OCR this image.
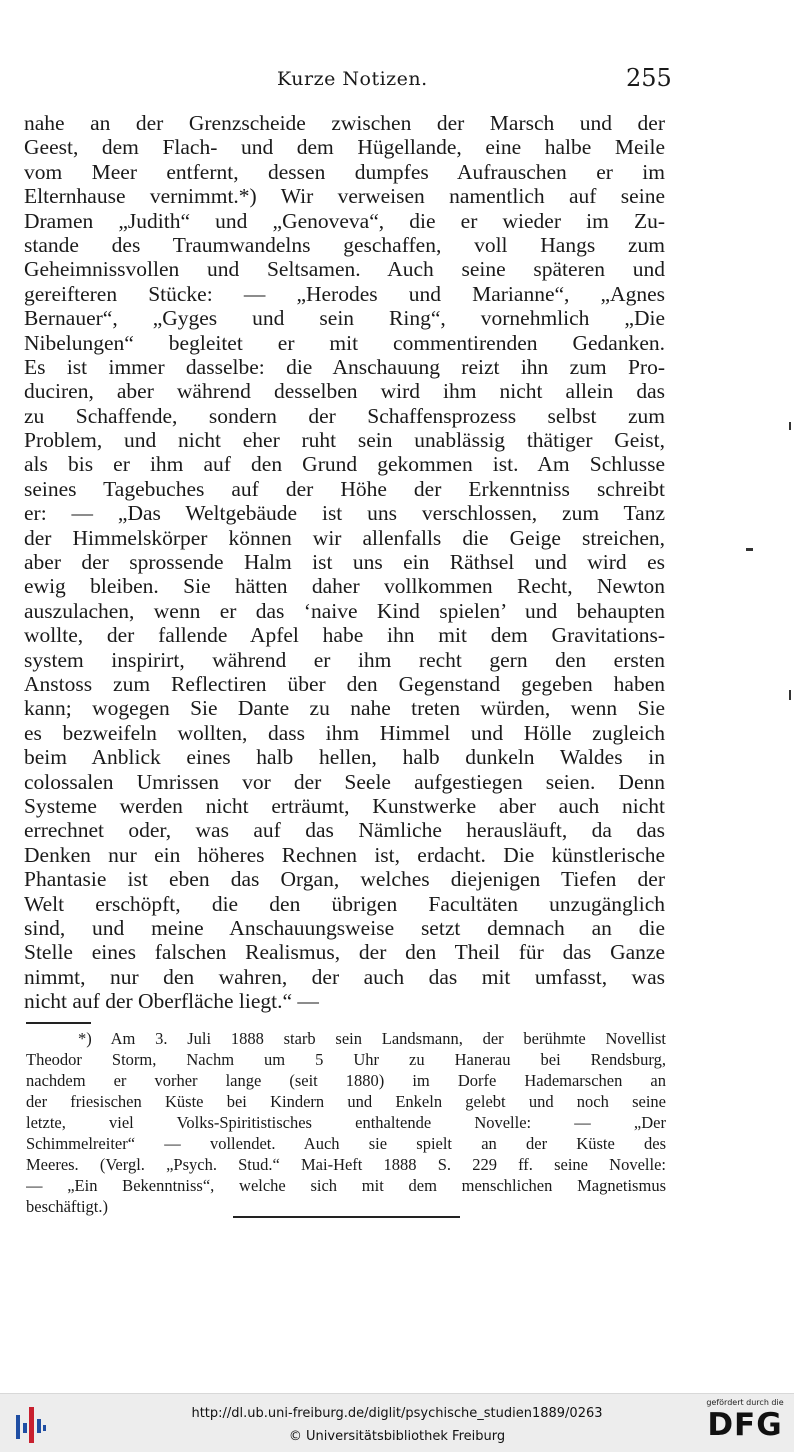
Kurze Notizen.	255
nahe an der Grenzscheide zwischen der Marsch und der
Geest, dem Flach- und dem Hügellande, eine halbe Meile
vom Meer entfernt, dessen dumpfes Aufrauschen er im
Elternhause vernimmt.*) Wir verweisen namentlich auf seine
Dramen „Judith“ und „Genoveva“, die er wieder im Zu-
stande des Traumwandelns geschaffen, voll Hangs zum
Geheimnissvollen und Seltsamen. Auch seine späteren und
gereifteren Stücke: — „Herodes und Marianne“, „Agnes
Bernauer“, „Gyges und sein Ring“, vornehmlich „Die
Nibelungen“ begleitet er mit commentirenden Gedanken.
Es ist immer dasselbe: die Anschauung reizt ihn zum Pro-
duciren, aber während desselben wird ihm nicht allein das
zu Schaffende, sondern der Schaffensprozess selbst zum
Problem, und nicht eher ruht sein unablässig thätiger Geist,
als bis er ihm auf den Grund gekommen ist. Am Schlusse
seines Tagebuches auf der Höhe der Erkenntniss schreibt
er: — „Das Weltgebäude ist uns verschlossen, zum Tanz
der Himmelskörper können wir allenfalls die Geige streichen,
aber der sprossende Halm ist uns ein Räthsel und wird es
ewig bleiben. Sie hätten daher vollkommen Recht, Newton
auszulachen, wenn er das ‘naive Kind spielen’ und behaupten
wollte, der fallende Apfel habe ihn mit dem Gravitations-
system inspirirt, während er ihm recht gern den ersten
Anstoss zum Reflectiren über den Gegenstand gegeben haben
kann; wogegen Sie Dante zu nahe treten würden, wenn Sie
es bezweifeln wollten, dass ihm Himmel und Hölle zugleich
beim Anblick eines halb hellen, halb dunkeln Waldes in
colossalen Umrissen vor der Seele aufgestiegen seien. Denn
Systeme werden nicht erträumt, Kunstwerke aber auch nicht
errechnet oder, was auf das Nämliche herausläuft, da das
Denken nur ein höheres Rechnen ist, erdacht. Die künstlerische
Phantasie ist eben das Organ, welches diejenigen Tiefen der
Welt erschöpft, die den übrigen Facultäten unzugänglich
sind, und meine Anschauungsweise setzt demnach an die
Stelle eines falschen Realismus, der den Theil für das Ganze
nimmt, nur den wahren, der auch das mit umfasst, was
nicht auf der Oberfläche liegt.“ —
*) Am 3. Juli 1888 starb sein Landsmann, der berühmte Novellist
Theodor Storm, Nachm um 5 Uhr zu Hanerau bei Rendsburg,
nachdem er vorher lange (seit 1880) im Dorfe Hademarschen an
der friesischen Küste bei Kindern und Enkeln gelebt und noch seine
letzte, viel Volks-Spiritistisches enthaltende Novelle: — „Der
Schimmelreiter“ — vollendet. Auch sie spielt an der Küste des
Meeres. (Vergl. „Psych. Stud.“ Mai-Heft 1888 S. 229 ff. seine Novelle:
— „Ein Bekenntniss“, welche sich mit dem menschlichen Magnetismus
beschäftigt.)
http://dl.ub.uni-freiburg.de/diglit/psychische_studien1889/0263
© Universitätsbibliothek Freiburg
gefördert durch die
DFG
